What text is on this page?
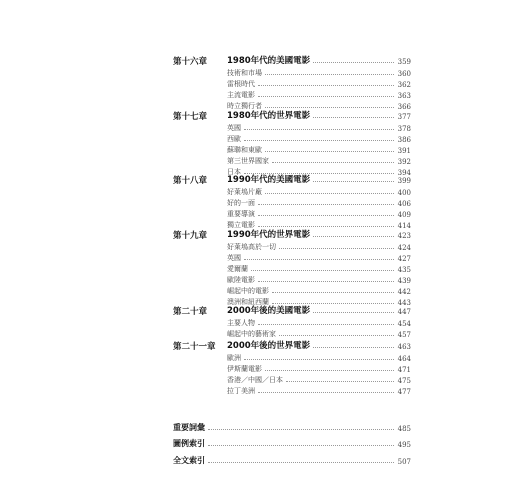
第十六章 1980年代的美國電影	359
技術和市場	360
雷根時代	362
主流電影	363
時立獨行者	366
第十七章 1980年代的世界電影	377
英國	378
西歐	386
蘇聯和東歐	391
第三世界國家	392
日本	394
第十八章 1990年代的美國電影	399
好萊塢片廠	400
好的一面	406
重要導演	409
獨立電影	414
第十九章 1990年代的世界電影	423
好萊塢高於一切	424
英國	427
愛爾蘭	435
歐陸電影	439
崛起中的電影	442
澳洲和紐西蘭	443
第二十章 2000年後的美國電影	447
主要人物	454
崛起中的藝術家	457
第二十一章 2000年後的世界電影	463
歐洲	464
伊斯蘭電影	471
香港／中國／日本	475
拉丁美洲	477
重要詞彙	485
圖例索引	495
全文索引	507
